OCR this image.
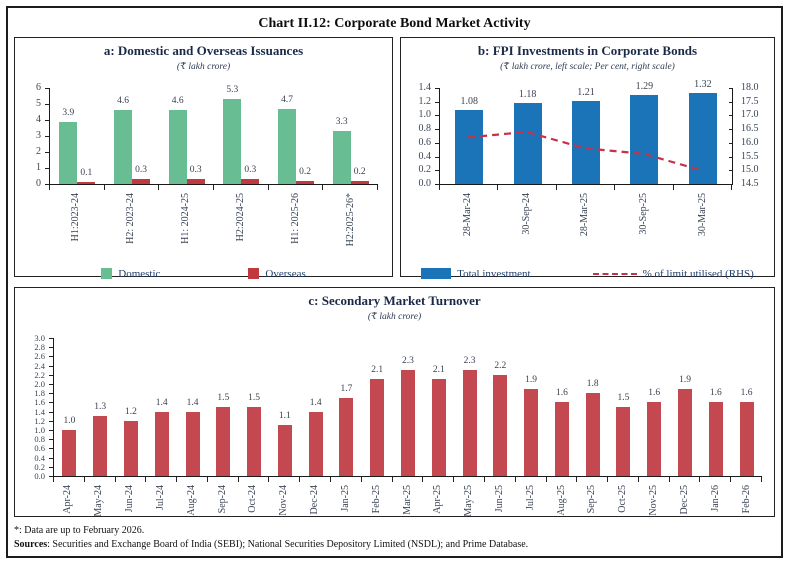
Chart II.12: Corporate Bond Market Activity
a: Domestic and Overseas Issuances
(₹ lakh crore)
3.9
0.1
4.6
0.3
4.6
0.3
5.3
0.3
4.7
0.2
3.3
0.2
6
5
4
3
2
1
0
H1:2023-24	H2: 2023-24	H1: 2024-25	H2:2024-25	H1: 2025-26	H2:2025-26*
Domestic	Overseas
b: FPI Investments in Corporate Bonds
(₹ lakh crore, left scale; Per cent, right scale)
1.08
1.18	1.21	1.29	1.32
1.4
1.2
1.0
0.8
0.6
0.4
0.2
0.0
18.0
17.5
17.0
16.5
16.0
15.5
15.0
14.5
28-Mar-24	30-Sep-24	28-Mar-25	30-Sep-25	30-Mar-25
Total investment	% of limit utilised (RHS)
c: Secondary Market Turnover
(₹ lakh crore)
1.0
1.3 1.2
1.4 1.4 1.5 1.5
1.1
1.4
1.7
2.1
2.3
2.1
2.3 2.2
1.9
1.6
1.8
1.5 1.6
1.9
1.6 1.6
3.0
2.8
2.6
2.4
2.2
2.0
1.8
1.6
1.4
1.2
1.0
0.8
0.6
0.4
0.2
0.0
Apr-24 May-24 Jun-24 Jul-24 Aug-24 Sep-24 Oct-24 Nov-24 Dec-24 Jan-25 Feb-25 Mar-25 Apr-25 May-25 Jun-25 Jul-25 Aug-25 Sep-25 Oct-25 Nov-25 Dec-25 Jan-26 Feb-26
*: Data are up to February 2026.
Sources: Securities and Exchange Board of India (SEBI); National Securities Depository Limited (NSDL); and Prime Database.
